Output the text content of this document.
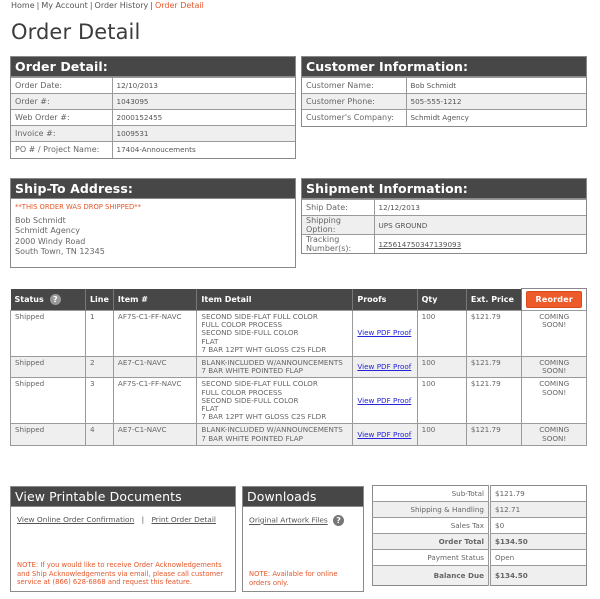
Home | My Account | Order History | Order Detail
Order Detail
Order Detail:
Order Date:	12/10/2013
Order #:	1043095
Web Order #:	2000152455
Invoice #:	1009531
PO # / Project Name:	17404-Annoucements
Customer Information:
Customer Name:	Bob Schmidt
Customer Phone:	505-555-1212
Customer's Company:	Schmidt Agency
Ship-To Address:
**THIS ORDER WAS DROP SHIPPED**
Bob Schmidt
Schmidt Agency
2000 Windy Road
South Town, TN 12345
Shipment Information:
Ship Date:	12/12/2013
Shipping Option:	UPS GROUND
Tracking Number(s):	1Z5614750347139093
Status ?	Line	Item #	Item Detail	Proofs	Qty	Ext. Price	Reorder
Shipped	1	AF7S-C1-FF-NAVC	SECOND SIDE-FLAT FULL COLOR
FULL COLOR PROCESS
SECOND SIDE-FULL COLOR
FLAT
7 BAR 12PT WHT GLOSS C2S FLDR	View PDF Proof	100	$121.79	COMING SOON!
Shipped	2	AE7-C1-NAVC	BLANK-INCLUDED W/ANNOUNCEMENTS
7 BAR WHITE POINTED FLAP	View PDF Proof	100	$121.79	COMING SOON!
Shipped	3	AF7S-C1-FF-NAVC	SECOND SIDE-FLAT FULL COLOR
FULL COLOR PROCESS
SECOND SIDE-FULL COLOR
FLAT
7 BAR 12PT WHT GLOSS C2S FLDR	View PDF Proof	100	$121.79	COMING SOON!
Shipped	4	AE7-C1-NAVC	BLANK-INCLUDED W/ANNOUNCEMENTS
7 BAR WHITE POINTED FLAP	View PDF Proof	100	$121.79	COMING SOON!
View Printable Documents
View Online Order Confirmation | Print Order Detail
NOTE: If you would like to receive Order Acknowledgements and Ship Acknowledgements via email, please call customer service at (866) 628-6868 and request this feature.
Downloads
Original Artwork Files ?
NOTE: Available for online orders only.
Sub-Total	$121.79
Shipping & Handling	$12.71
Sales Tax	$0
Order Total	$134.50
Payment Status	Open
Balance Due	$134.50
